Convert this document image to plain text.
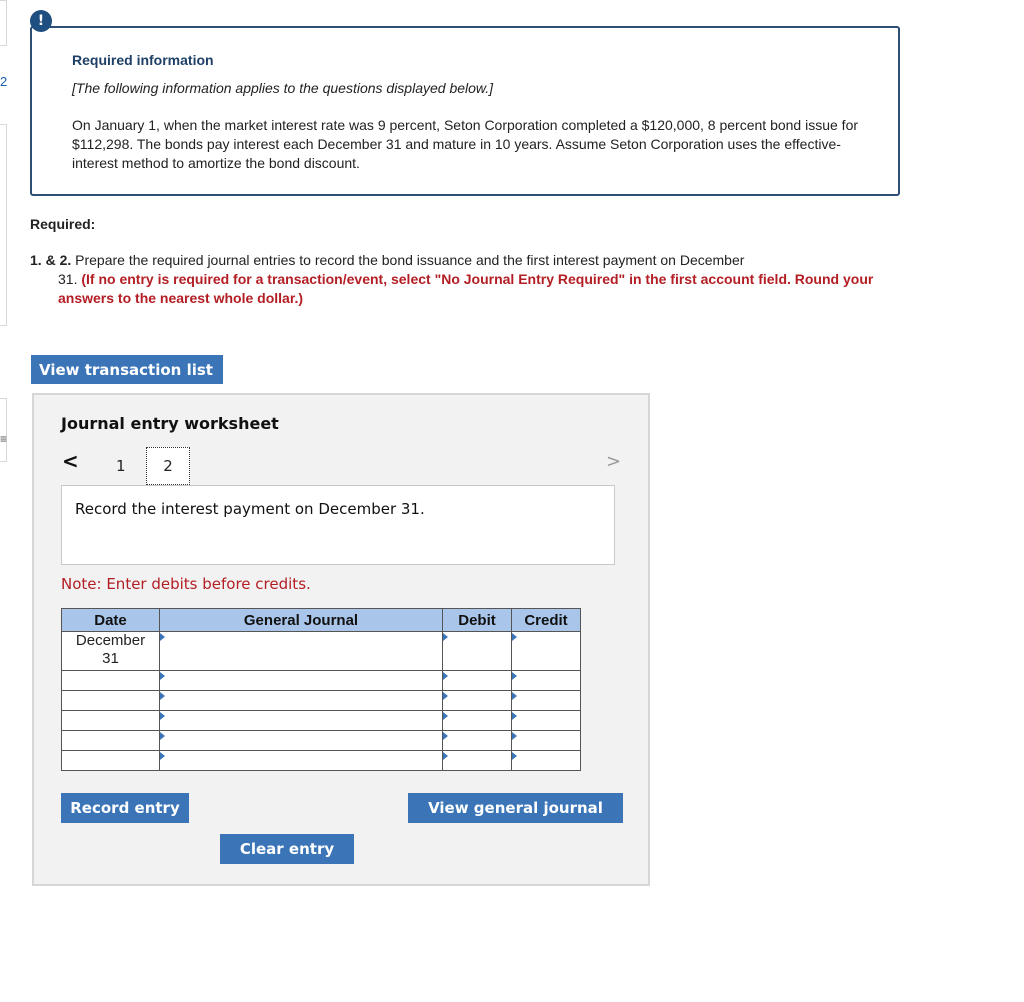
2
≡
!
Required information
[The following information applies to the questions displayed below.]
On January 1, when the market interest rate was 9 percent, Seton Corporation completed a $120,000, 8 percent bond issue for $112,298. The bonds pay interest each December 31 and mature in 10 years. Assume Seton Corporation uses the effective-interest method to amortize the bond discount.
Required:
1. & 2. Prepare the required journal entries to record the bond issuance and the first interest payment on December
31. (If no entry is required for a transaction/event, select "No Journal Entry Required" in the first account field. Round your answers to the nearest whole dollar.)
View transaction list
Journal entry worksheet
< 1	2	>
Record the interest payment on December 31.
Note: Enter debits before credits.
Date	General Journal	Debit	Credit
December
31	

Record entry	View general journal
Clear entry
